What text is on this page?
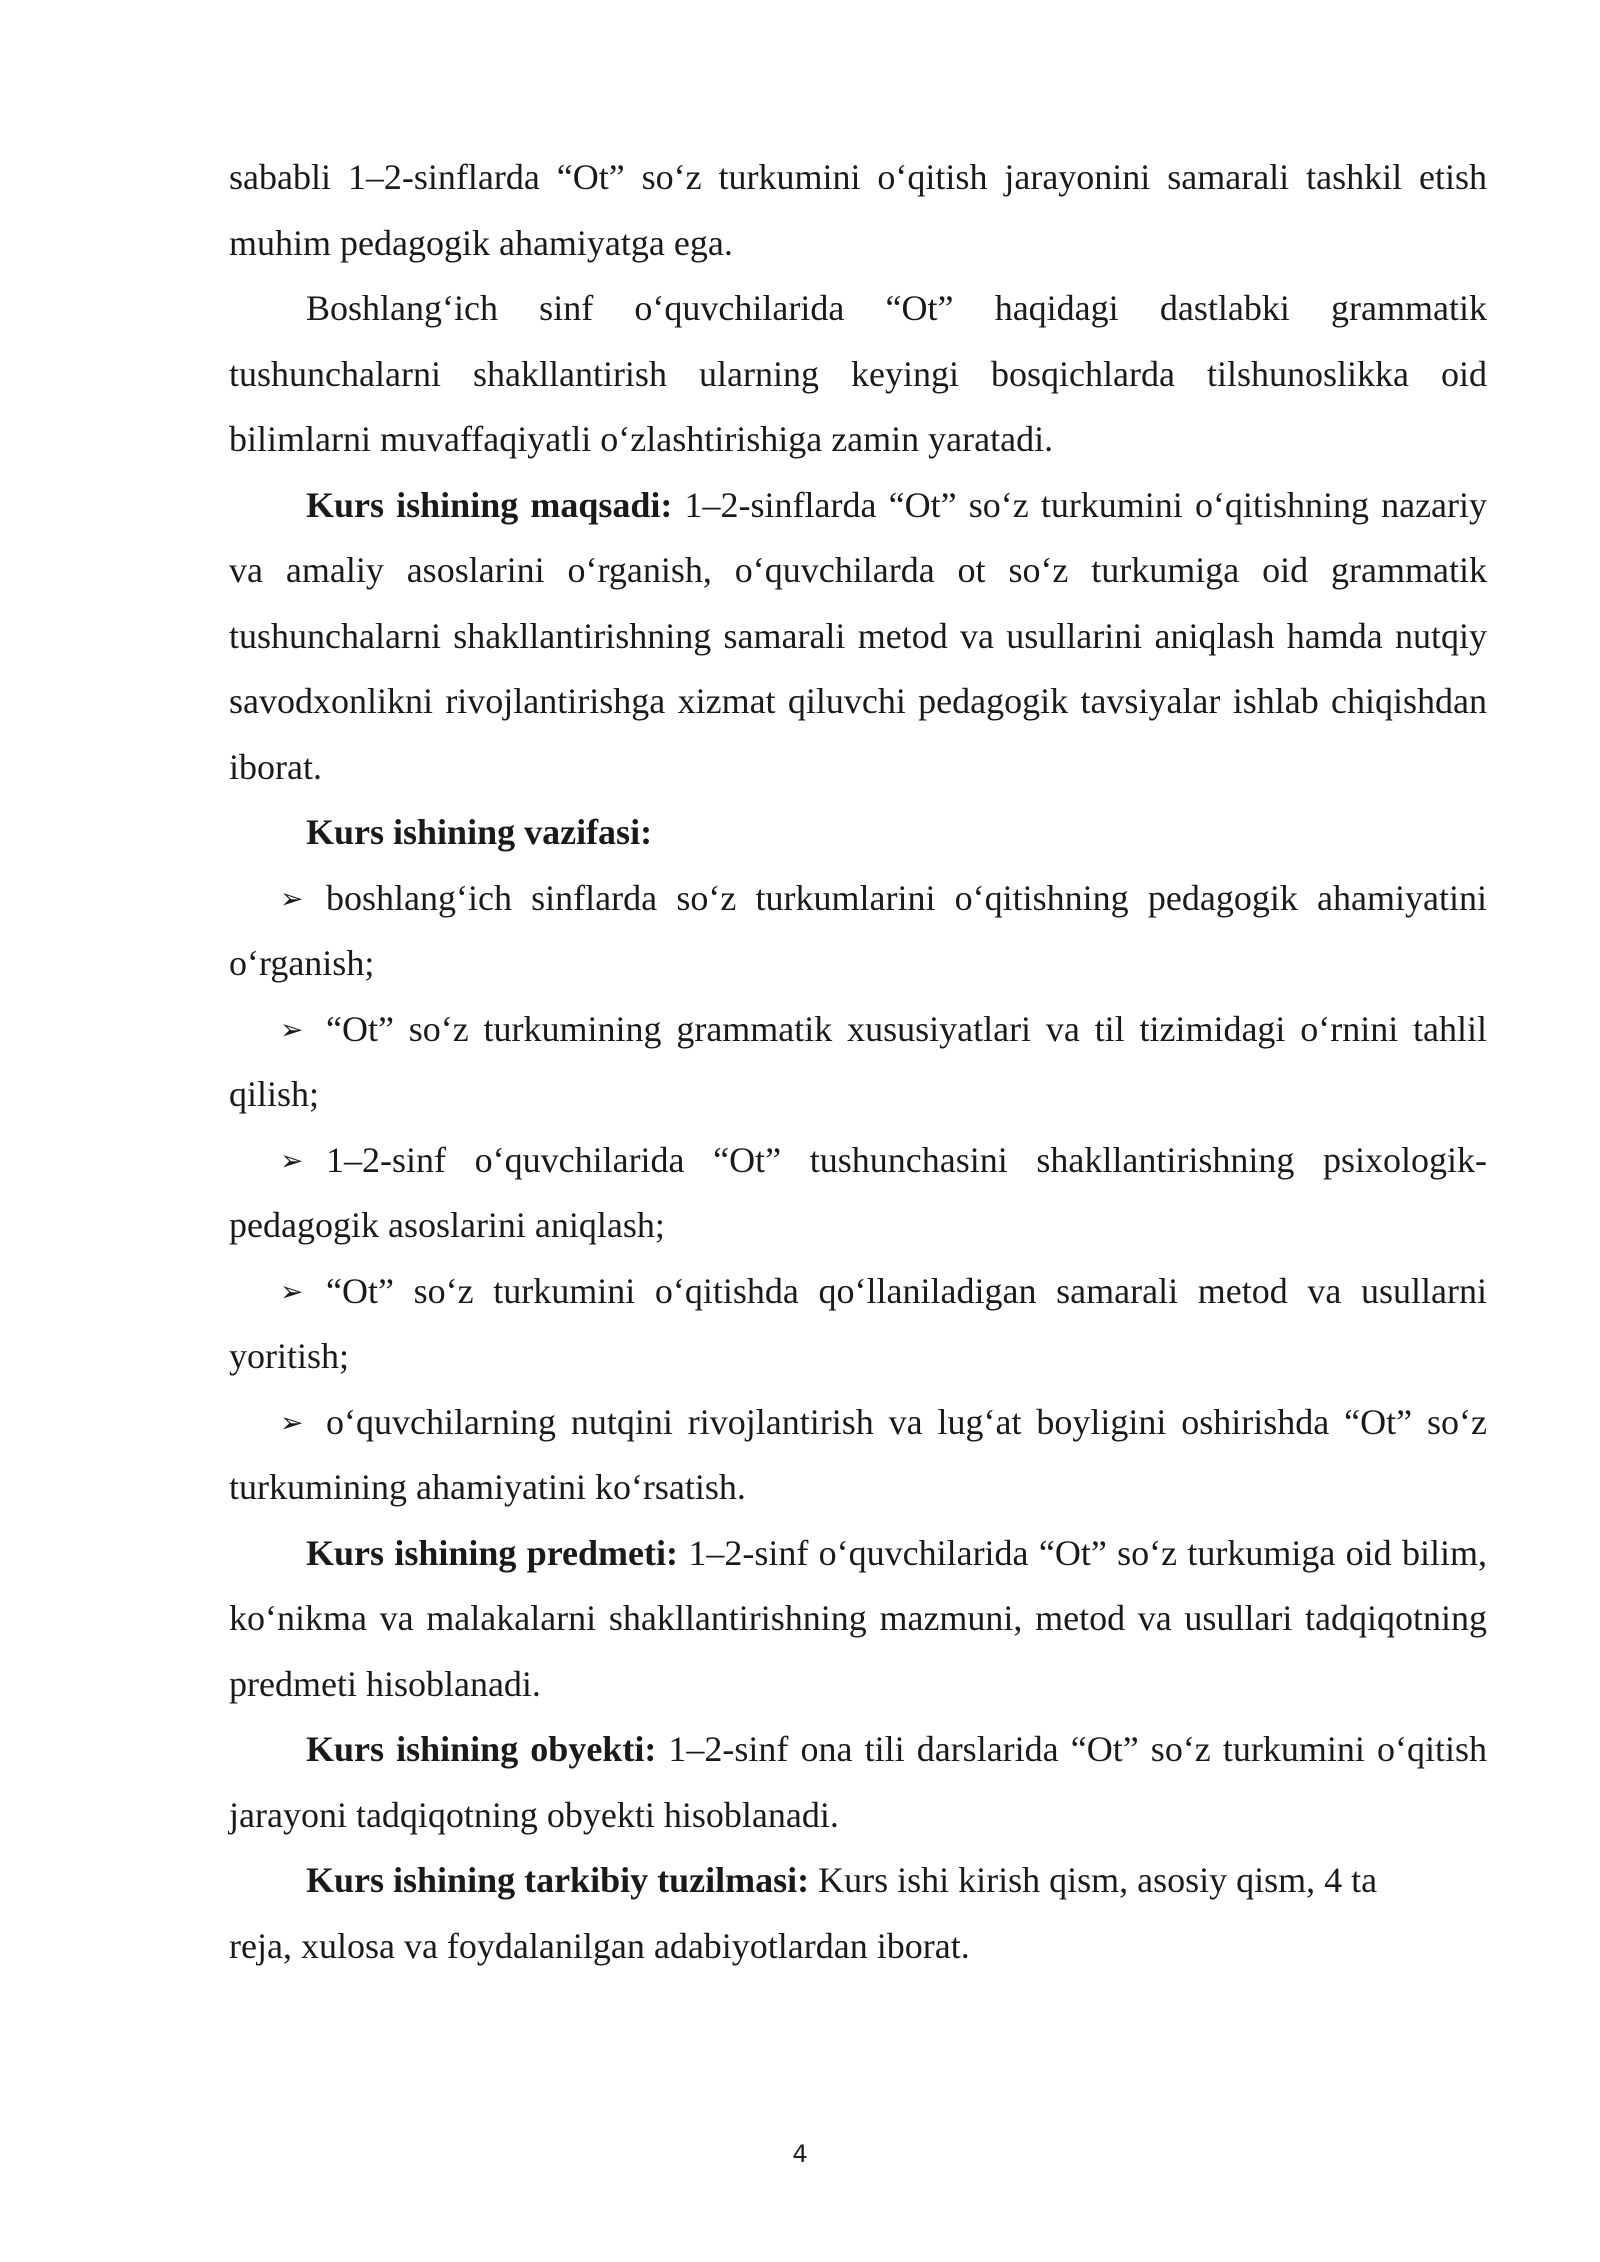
sababli 1–2-sinflarda “Ot” so‘z turkumini o‘qitish jarayonini samarali tashkil etish muhim pedagogik ahamiyatga ega.

Boshlang‘ich sinf o‘quvchilarida “Ot” haqidagi dastlabki grammatik tushunchalarni shakllantirish ularning keyingi bosqichlarda tilshunoslikka oid bilimlarni muvaffaqiyatli o‘zlashtirishiga zamin yaratadi.

Kurs ishining maqsadi: 1–2-sinflarda “Ot” so‘z turkumini o‘qitishning nazariy va amaliy asoslarini o‘rganish, o‘quvchilarda ot so‘z turkumiga oid grammatik tushunchalarni shakllantirishning samarali metod va usullarini aniqlash hamda nutqiy savodxonlikni rivojlantirishga xizmat qiluvchi pedagogik tavsiyalar ishlab chiqishdan iborat.

Kurs ishining vazifasi:

➢ boshlang‘ich sinflarda so‘z turkumlarini o‘qitishning pedagogik ahamiyatini o‘rganish;

➢ “Ot” so‘z turkumining grammatik xususiyatlari va til tizimidagi o‘rnini tahlil qilish;

➢ 1–2-sinf o‘quvchilarida “Ot” tushunchasini shakllantirishning psixologik-pedagogik asoslarini aniqlash;

➢ “Ot” so‘z turkumini o‘qitishda qo‘llaniladigan samarali metod va usullarni yoritish;

➢ o‘quvchilarning nutqini rivojlantirish va lug‘at boyligini oshirishda “Ot” so‘z turkumining ahamiyatini ko‘rsatish.

Kurs ishining predmeti: 1–2-sinf o‘quvchilarida “Ot” so‘z turkumiga oid bilim, ko‘nikma va malakalarni shakllantirishning mazmuni, metod va usullari tadqiqotning predmeti hisoblanadi.

Kurs ishining obyekti: 1–2-sinf ona tili darslarida “Ot” so‘z turkumini o‘qitish jarayoni tadqiqotning obyekti hisoblanadi.

Kurs ishining tarkibiy tuzilmasi: Kurs ishi kirish qism, asosiy qism, 4 ta
reja, xulosa va foydalanilgan adabiyotlardan iborat.

4
